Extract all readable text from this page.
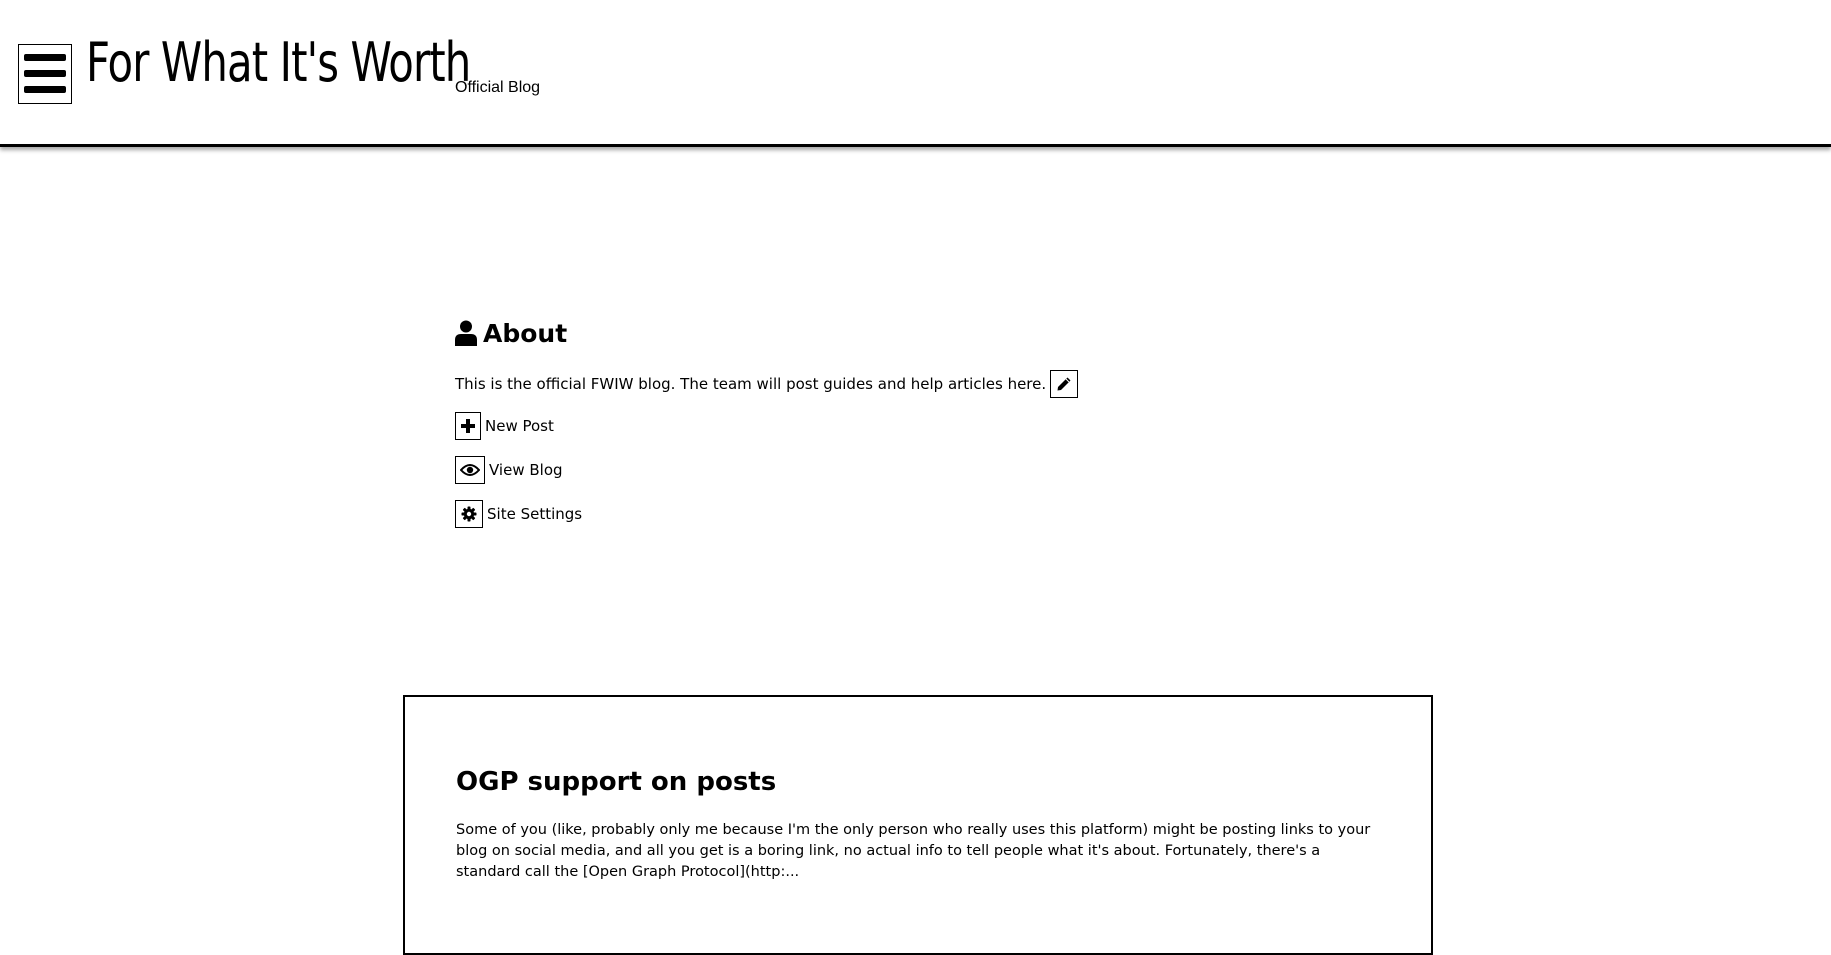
For What It's Worth
Official Blog
About
This is the official FWIW blog. The team will post guides and help articles here.
New Post
View Blog
Site Settings
OGP support on posts

Some of you (like, probably only me because I'm the only person who really uses this platform) might be posting links to your blog on social media, and all you get is a boring link, no actual info to tell people what it's about. Fortunately, there's a standard call the [Open Graph Protocol](http:...
